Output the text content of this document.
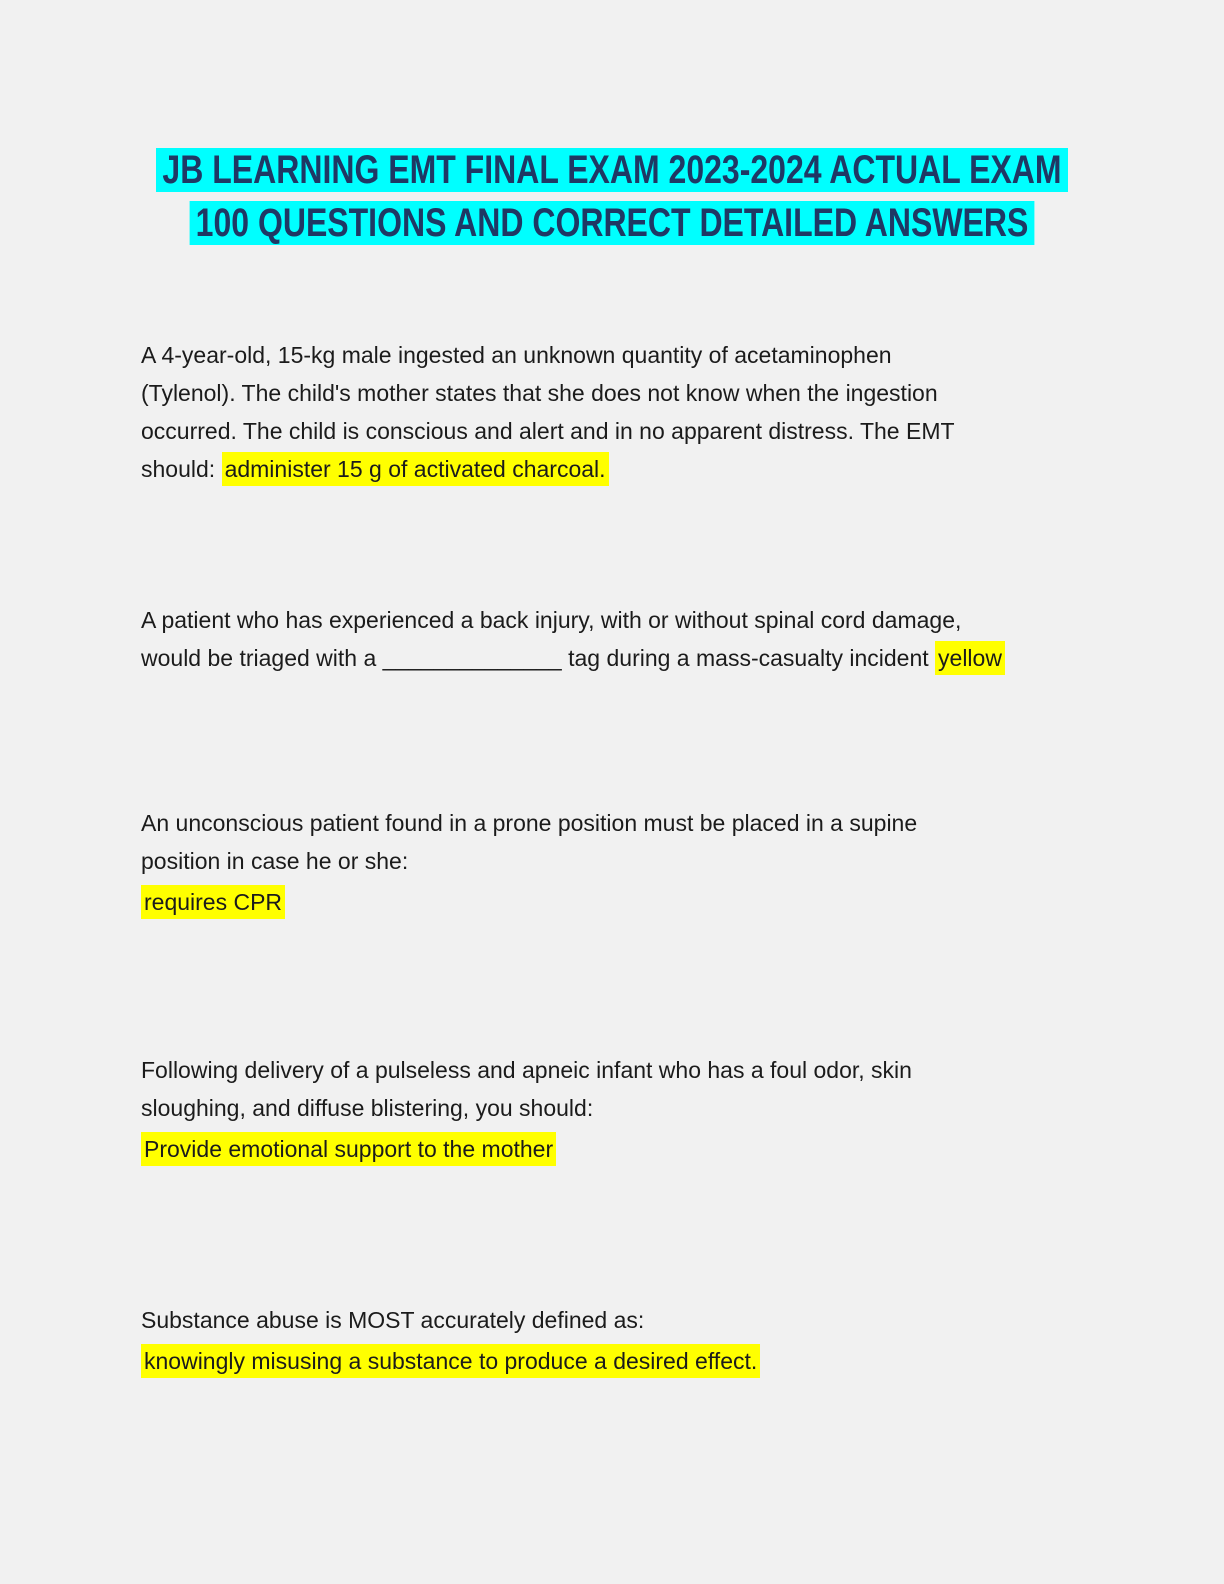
JB LEARNING EMT FINAL EXAM 2023-2024 ACTUAL EXAM
100 QUESTIONS AND CORRECT DETAILED ANSWERS
A 4-year-old, 15-kg male ingested an unknown quantity of acetaminophen
(Tylenol). The child's mother states that she does not know when the ingestion
occurred. The child is conscious and alert and in no apparent distress. The EMT
should: administer 15 g of activated charcoal.
A patient who has experienced a back injury, with or without spinal cord damage,
would be triaged with a ______________ tag during a mass-casualty incident yellow
An unconscious patient found in a prone position must be placed in a supine
position in case he or she:
requires CPR
Following delivery of a pulseless and apneic infant who has a foul odor, skin
sloughing, and diffuse blistering, you should:
Provide emotional support to the mother
Substance abuse is MOST accurately defined as:
knowingly misusing a substance to produce a desired effect.
